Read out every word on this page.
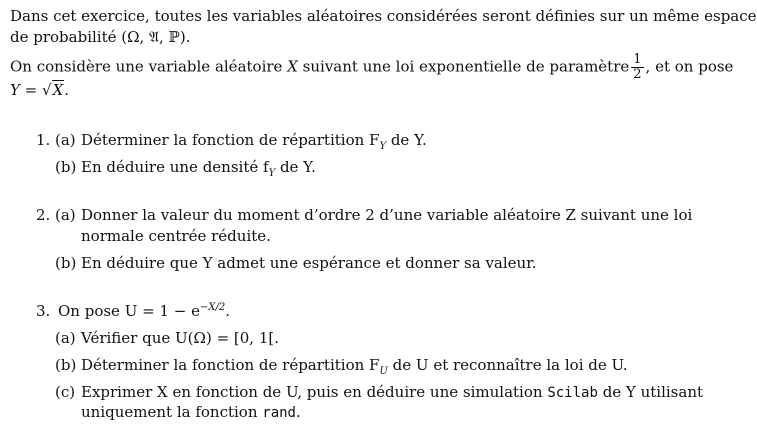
Dans cet exercice, toutes les variables aléatoires considérées seront définies sur un même espace
de probabilité (Ω, 𝔄, ℙ).
On considère une variable aléatoire X suivant une loi exponentielle de paramètre $\frac{1}{2}$ , et on pose
Y = √X.
1. (a) Déterminer la fonction de répartition $F_Y$ de Y.
(b) En déduire une densité $f_Y$ de Y.
2. (a) Donner la valeur du moment d’ordre 2 d’une variable aléatoire Z suivant une loi
normale centrée réduite.
(b) En déduire que Y admet une espérance et donner sa valeur.
3. On pose $U = 1 - e^{-X/2}$.
(a) Vérifier que U(Ω) = [0, 1[.
(b) Déterminer la fonction de répartition $F_U$ de U et reconnaître la loi de U.
(c) Exprimer X en fonction de U, puis en déduire une simulation Scilab de Y utilisant
uniquement la fonction rand.
